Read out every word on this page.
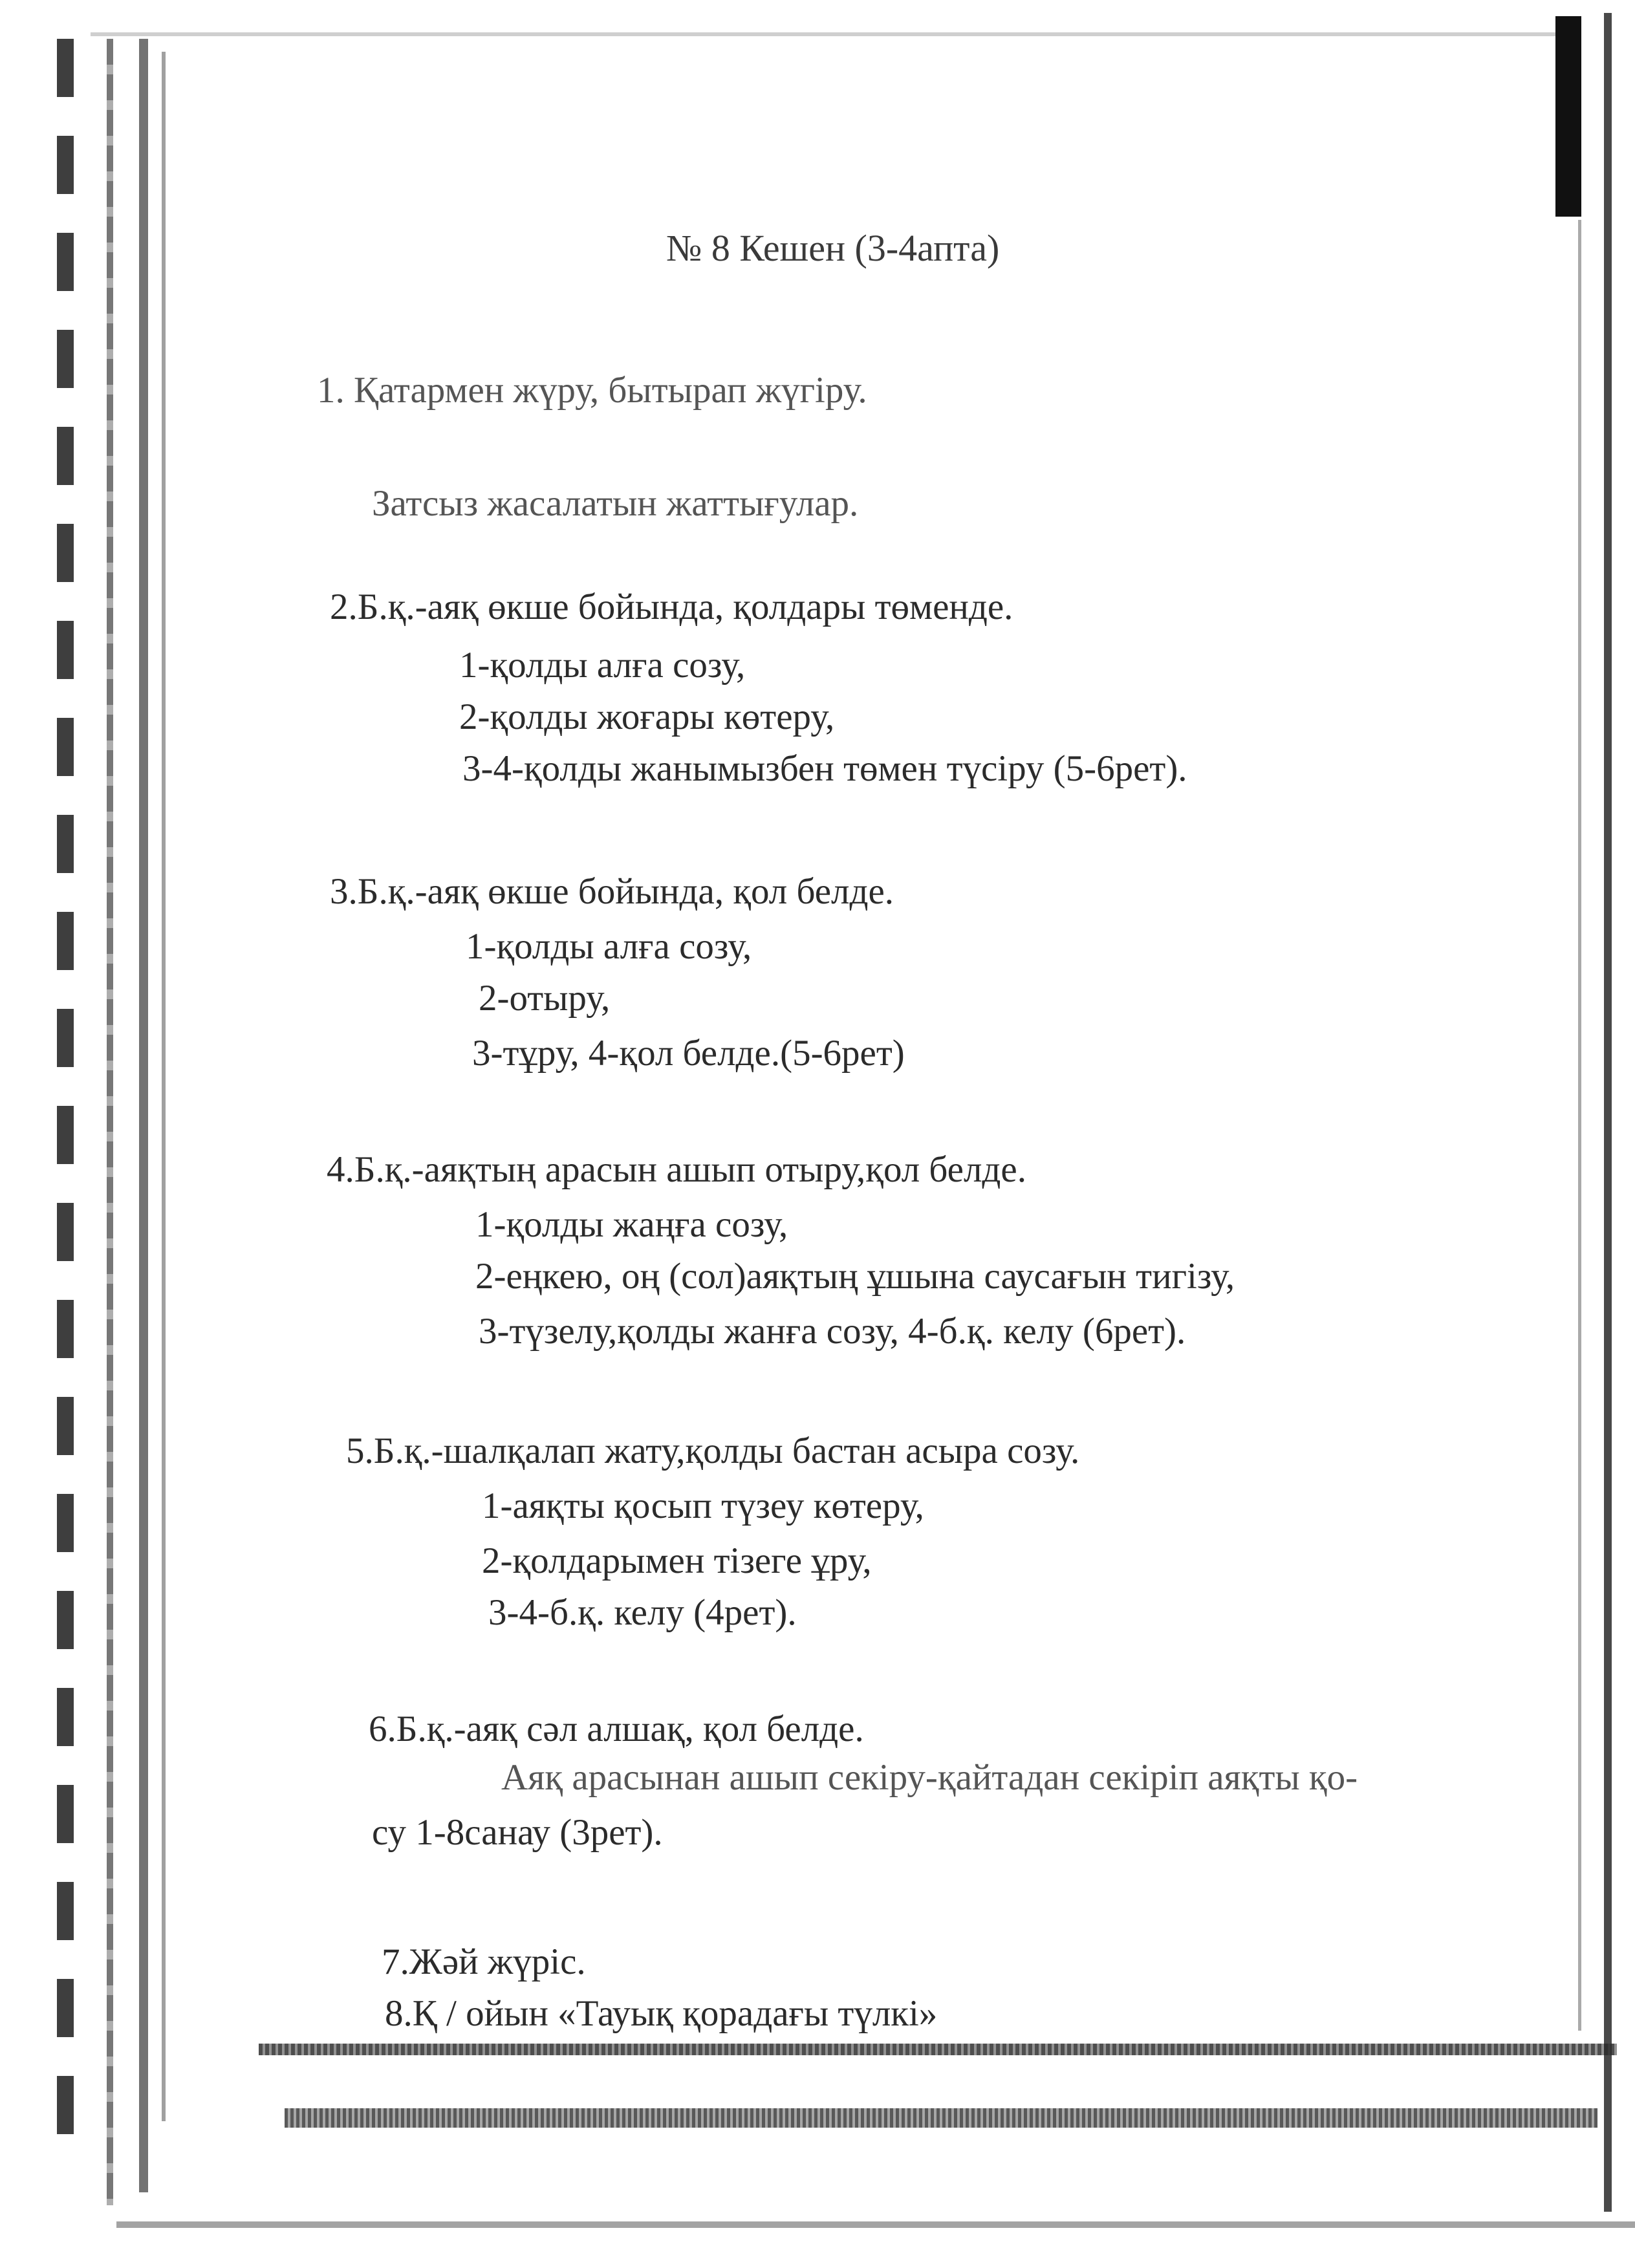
№ 8 Кешен (3-4апта)
1. Қатармен жүру, бытырап жүгіру.
Затсыз жасалатын жаттығулар.
2.Б.қ.-аяқ өкше бойында, қолдары төменде.
1-қолды алға созу,
2-қолды жоғары көтеру,
3-4-қолды жанымызбен төмен түсіру (5-6рет).
3.Б.қ.-аяқ өкше бойында, қол белде.
1-қолды алға созу,
2-отыру,
3-тұру, 4-қол белде.(5-6рет)
4.Б.қ.-аяқтың арасын ашып отыру,қол белде.
1-қолды жаңға созу,
2-еңкею, оң (сол)аяқтың ұшына саусағын тигізу,
3-түзелу,қолды жанға созу, 4-б.қ. келу (6рет).
5.Б.қ.-шалқалап жату,қолды бастан асыра созу.
1-аяқты қосып түзеу көтеру,
2-қолдарымен тізеге ұру,
3-4-б.қ. келу (4рет).
6.Б.қ.-аяқ сәл алшақ, қол белде.
Аяқ арасынан ашып секіру-қайтадан секіріп аяқты қо-
су 1-8санау (3рет).
7.Жәй жүріс.
8.Қ / ойын «Тауық қорадағы түлкі»
